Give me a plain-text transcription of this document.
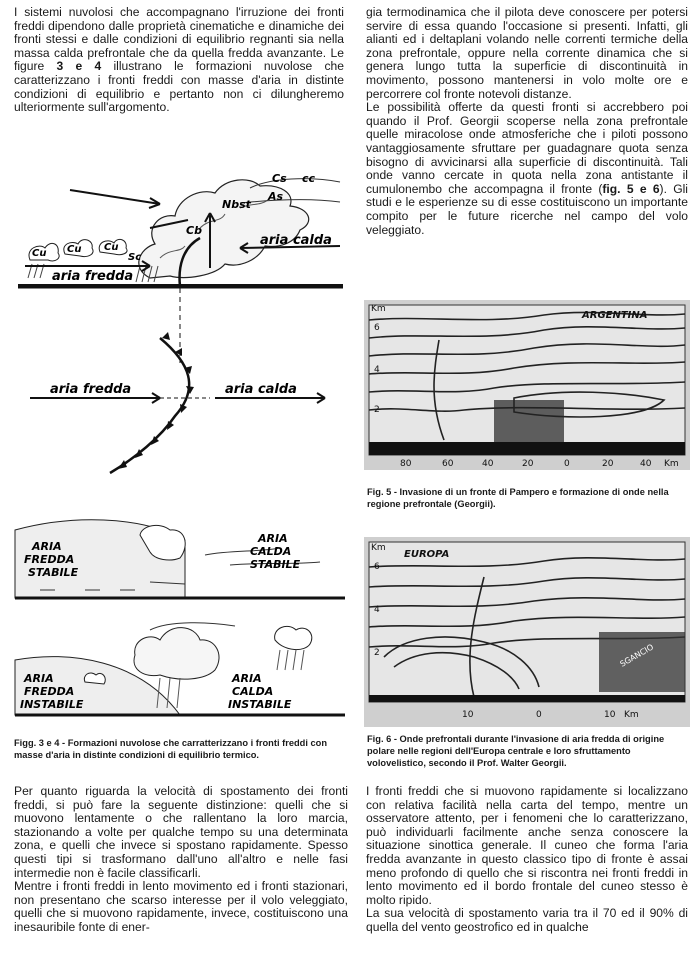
I sistemi nuvolosi che accompagnano l'irruzione dei fronti freddi dipendono dalle proprietà cinematiche e dinamiche dei fronti stessi e dalle condizioni di equilibrio regnanti sia nella massa calda prefrontale che da quella fredda avanzante. Le figure 3 e 4 illustrano le formazioni nuvolose che caratterizzano i fronti freddi con masse d'aria in distinte condizioni di equilibrio e pertanto non ci dilungheremo ulteriormente sull'argomento.

gia termodinamica che il pilota deve conoscere per potersi servire di essa quando l'occasione si presenti. Infatti, gli alianti ed i deltaplani volando nelle correnti termiche della zona prefrontale, oppure nella corrente dinamica che si genera lungo tutta la superficie di discontinuità in movimento, possono mantenersi in volo molte ore e percorrere col fronte notevoli distanze.

Le possibilità offerte da questi fronti si accrebbero poi quando il Prof. Georgii scoperse nella zona prefrontale quelle miracolose onde atmosferiche che i piloti possono vantaggiosamente sfruttare per guadagnare quota senza bisogno di avvicinarsi alla superficie di discontinuità. Tali onde vanno cercate in quota nella zona antistante il cumulonembo che accompagna il fronte (fig. 5 e 6). Gli studi e le esperienze su di esse costituiscono un importante compito per le future ricerche nel campo del volo veleggiato.

Cs cc
As
Nbst
Cb
Cu Cu Cu
Sc
aria calda
aria fredda
aria fredda	aria calda
ARIA
FREDDA
STABILE
ARIA
CALDA
STABILE
ARIA
FREDDA
INSTABILE
ARIA
CALDA
INSTABILE
Figg. 3 e 4 - Formazioni nuvolose che carratterizzano i fronti freddi con masse d'aria in distinte condizioni di equilibrio termico.
ARGENTINA
Km
6
4
2
80	60	40	20	0	20	40 Km
Fig. 5 - Invasione di un fronte di Pampero e formazione di onde nella regione prefrontale (Georgii).
EUROPA
Km
6
4
2	SGANCIO
10	0	10 Km
Fig. 6 - Onde prefrontali durante l'invasione di aria fredda di origine polare nelle regioni dell'Europa centrale e loro sfruttamento volovelistico, secondo il Prof. Walter Georgii.

Per quanto riguarda la velocità di spostamento dei fronti freddi, si può fare la seguente distinzione: quelli che si muovono lentamente o che rallentano la loro marcia, stazionando a volte per qualche tempo su una determinata zona, e quelli che invece si spostano rapidamente. Spesso questi tipi si trasformano dall'uno all'altro e nelle fasi intermedie non è facile classificarli.

Mentre i fronti freddi in lento movimento ed i fronti stazionari, non presentano che scarso interesse per il volo veleggiato, quelli che si muovono rapidamente, invece, costituiscono una inesauribile fonte di ener-

I fronti freddi che si muovono rapidamente si localizzano con relativa facilità nella carta del tempo, mentre un osservatore attento, per i fenomeni che lo caratterizzano, può individuarli facilmente anche senza conoscere la situazione sinottica generale. Il cuneo che forma l'aria fredda avanzante in questo classico tipo di fronte è assai meno profondo di quello che si riscontra nei fronti freddi in lento movimento ed il bordo frontale del cuneo stesso è molto ripido.

La sua velocità di spostamento varia tra il 70 ed il 90% di quella del vento geostrofico ed in qualche
